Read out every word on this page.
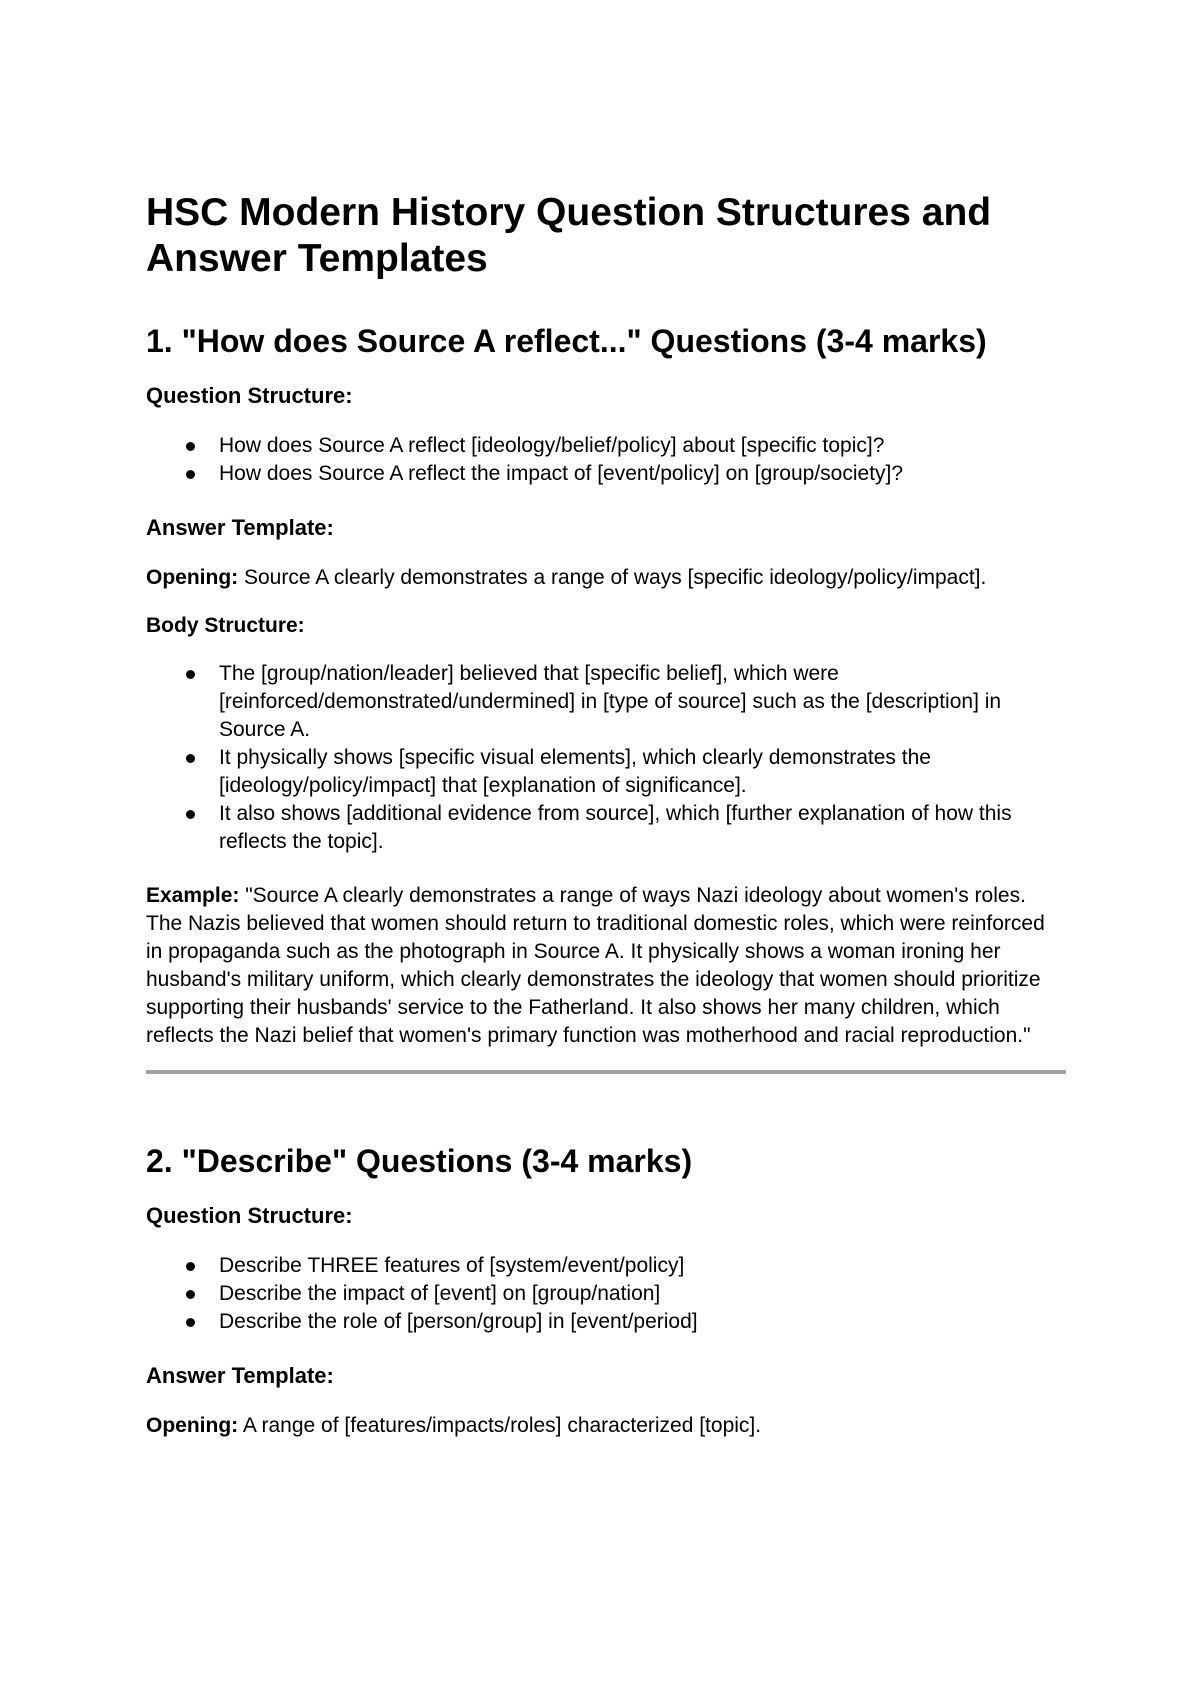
HSC Modern History Question Structures and Answer Templates
1. "How does Source A reflect..." Questions (3-4 marks)
Question Structure:
How does Source A reflect [ideology/belief/policy] about [specific topic]?
How does Source A reflect the impact of [event/policy] on [group/society]?
Answer Template:

Opening: Source A clearly demonstrates a range of ways [specific ideology/policy/impact].

Body Structure:
The [group/nation/leader] believed that [specific belief], which were [reinforced/demonstrated/undermined] in [type of source] such as the [description] in Source A.
It physically shows [specific visual elements], which clearly demonstrates the [ideology/policy/impact] that [explanation of significance].
It also shows [additional evidence from source], which [further explanation of how this reflects the topic].

Example: "Source A clearly demonstrates a range of ways Nazi ideology about women's roles. The Nazis believed that women should return to traditional domestic roles, which were reinforced in propaganda such as the photograph in Source A. It physically shows a woman ironing her husband's military uniform, which clearly demonstrates the ideology that women should prioritize supporting their husbands' service to the Fatherland. It also shows her many children, which reflects the Nazi belief that women's primary function was motherhood and racial reproduction."

2. "Describe" Questions (3-4 marks)
Question Structure:
Describe THREE features of [system/event/policy]
Describe the impact of [event] on [group/nation]
Describe the role of [person/group] in [event/period]
Answer Template:

Opening: A range of [features/impacts/roles] characterized [topic].
